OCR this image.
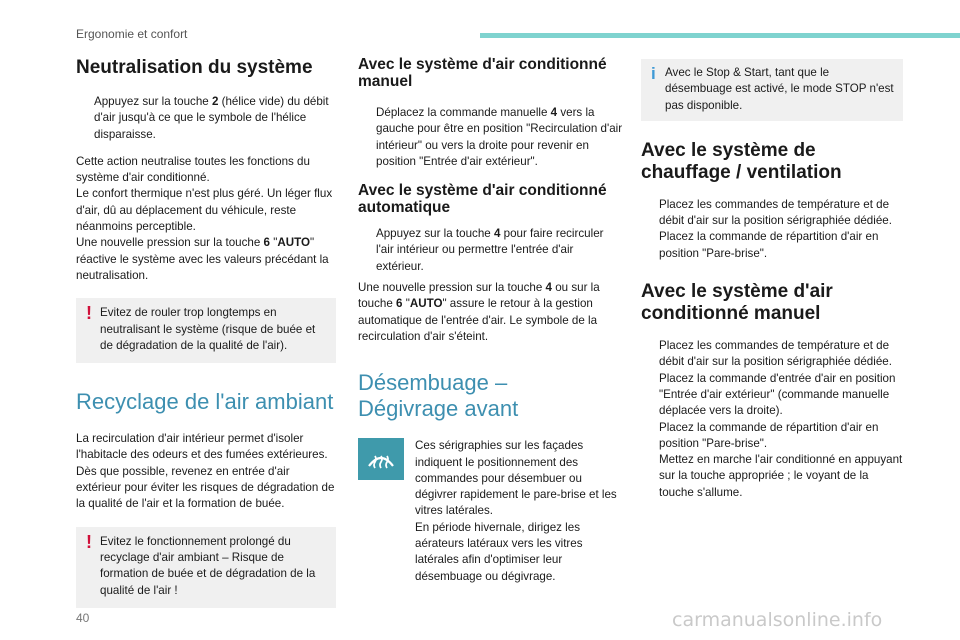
Ergonomie et confort
Neutralisation du système
Appuyez sur la touche 2 (hélice vide) du débit d'air jusqu'à ce que le symbole de l'hélice disparaisse.

Cette action neutralise toutes les fonctions du système d'air conditionné.

Le confort thermique n'est plus géré. Un léger flux d'air, dû au déplacement du véhicule, reste néanmoins perceptible.

Une nouvelle pression sur la touche 6 "AUTO" réactive le système avec les valeurs précédant la neutralisation.

! Evitez de rouler trop longtemps en neutralisant le système (risque de buée et de dégradation de la qualité de l'air).
Recyclage de l'air ambiant

La recirculation d'air intérieur permet d'isoler l'habitacle des odeurs et des fumées extérieures.

Dès que possible, revenez en entrée d'air extérieur pour éviter les risques de dégradation de la qualité de l'air et la formation de buée.

! Evitez le fonctionnement prolongé du recyclage d'air ambiant – Risque de formation de buée et de dégradation de la qualité de l'air !
Avec le système d'air conditionné manuel
Déplacez la commande manuelle 4 vers la gauche pour être en position "Recirculation d'air intérieur" ou vers la droite pour revenir en position "Entrée d'air extérieur".
Avec le système d'air conditionné automatique
Appuyez sur la touche 4 pour faire recirculer l'air intérieur ou permettre l'entrée d'air extérieur.

Une nouvelle pression sur la touche 4 ou sur la touche 6 "AUTO" assure le retour à la gestion automatique de l'entrée d'air. Le symbole de la recirculation d'air s'éteint.

Désembuage – Dégivrage avant

Ces sérigraphies sur les façades indiquent le positionnement des commandes pour désembuer ou dégivrer rapidement le pare-brise et les vitres latérales.

En période hivernale, dirigez les aérateurs latéraux vers les vitres latérales afin d'optimiser leur désembuage ou dégivrage.

i Avec le Stop & Start, tant que le désembuage est activé, le mode STOP n'est pas disponible.
Avec le système de chauffage / ventilation
Placez les commandes de température et de débit d'air sur la position sérigraphiée dédiée.
Placez la commande de répartition d'air en position "Pare-brise".
Avec le système d'air conditionné manuel
Placez les commandes de température et de débit d'air sur la position sérigraphiée dédiée.
Placez la commande d'entrée d'air en position "Entrée d'air extérieur" (commande manuelle déplacée vers la droite).
Placez la commande de répartition d'air en position "Pare-brise".
Mettez en marche l'air conditionné en appuyant sur la touche appropriée ; le voyant de la touche s'allume.
40	carmanualsonline.info
